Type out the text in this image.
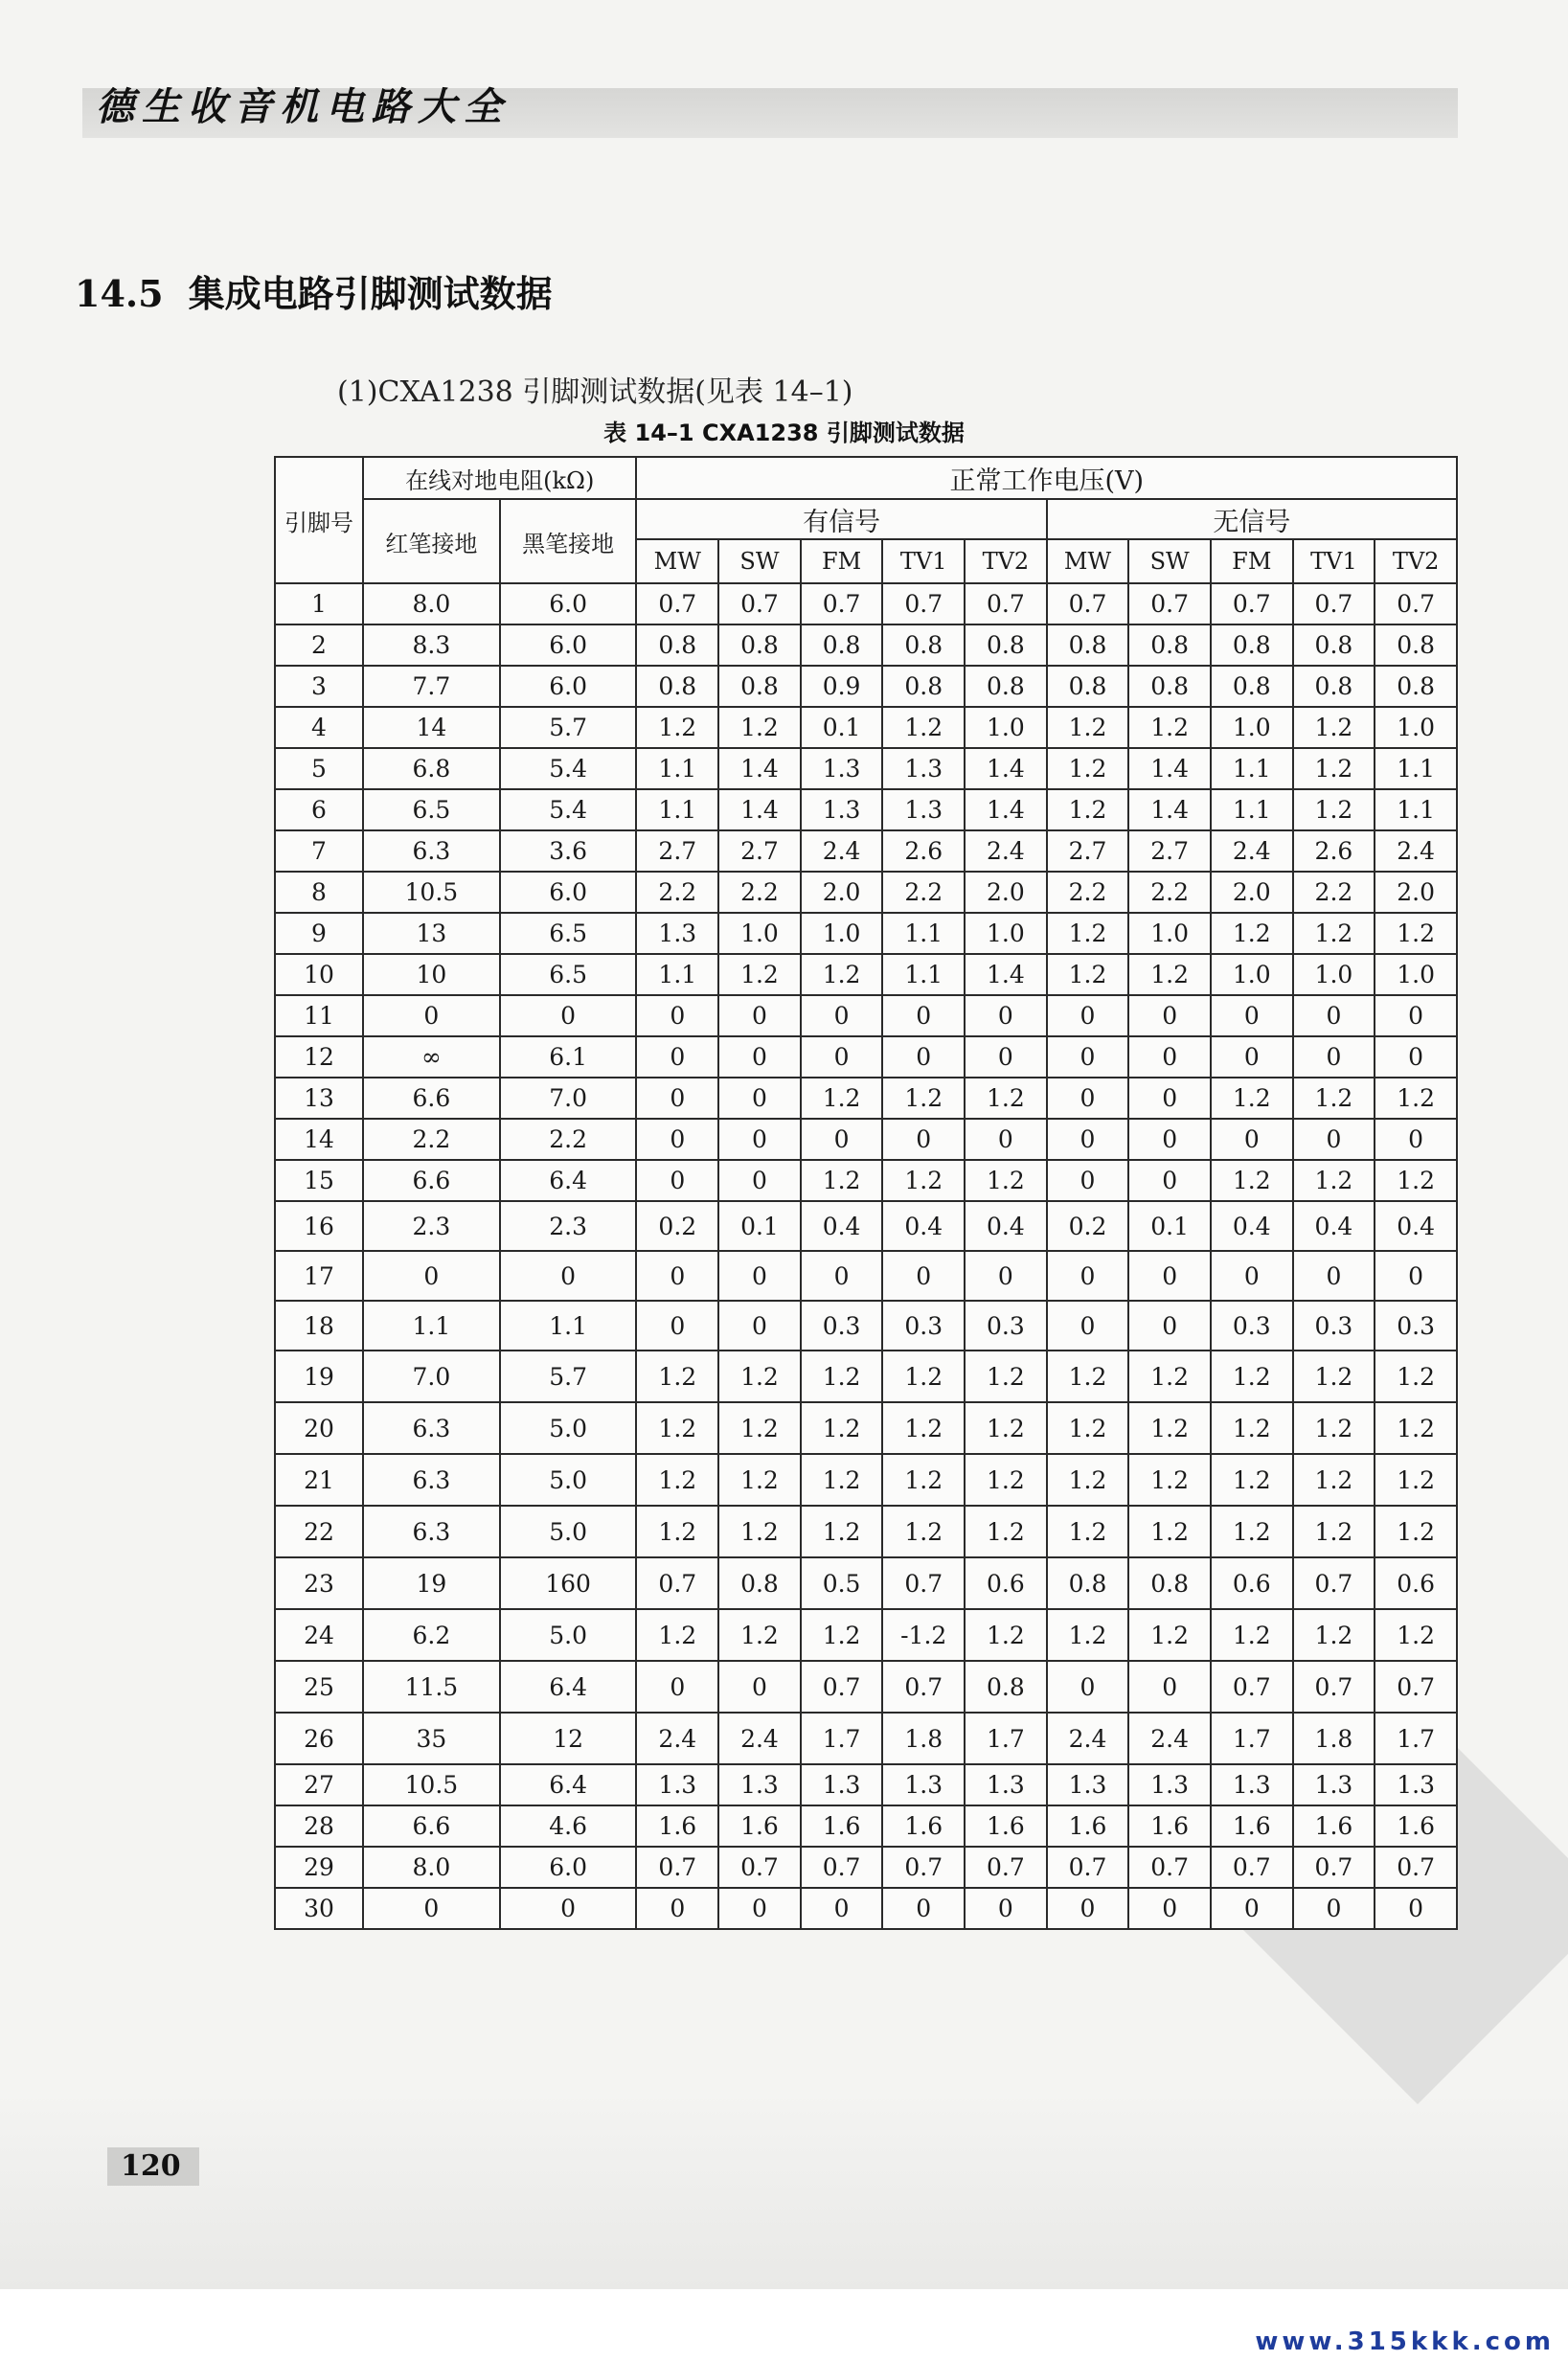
德生收音机电路大全
14.5 集成电路引脚测试数据
(1)CXA1238 引脚测试数据(见表 14–1)
表 14–1 CXA1238 引脚测试数据
引脚号	在线对地电阻(kΩ)		正常工作电压(V)									
	红笔接地	黑笔接地	有信号					无信号				
			MW	SW	FM	TV1	TV2	MW	SW	FM	TV1	TV2
1	8.0	6.0	0.7	0.7	0.7	0.7	0.7	0.7	0.7	0.7	0.7	0.7
2	8.3	6.0	0.8	0.8	0.8	0.8	0.8	0.8	0.8	0.8	0.8	0.8
3	7.7	6.0	0.8	0.8	0.9	0.8	0.8	0.8	0.8	0.8	0.8	0.8
4	14	5.7	1.2	1.2	0.1	1.2	1.0	1.2	1.2	1.0	1.2	1.0
5	6.8	5.4	1.1	1.4	1.3	1.3	1.4	1.2	1.4	1.1	1.2	1.1
6	6.5	5.4	1.1	1.4	1.3	1.3	1.4	1.2	1.4	1.1	1.2	1.1
7	6.3	3.6	2.7	2.7	2.4	2.6	2.4	2.7	2.7	2.4	2.6	2.4
8	10.5	6.0	2.2	2.2	2.0	2.2	2.0	2.2	2.2	2.0	2.2	2.0
9	13	6.5	1.3	1.0	1.0	1.1	1.0	1.2	1.0	1.2	1.2	1.2
10	10	6.5	1.1	1.2	1.2	1.1	1.4	1.2	1.2	1.0	1.0	1.0
11	0	0	0	0	0	0	0	0	0	0	0	0
12	∞	6.1	0	0	0	0	0	0	0	0	0	0
13	6.6	7.0	0	0	1.2	1.2	1.2	0	0	1.2	1.2	1.2
14	2.2	2.2	0	0	0	0	0	0	0	0	0	0
15	6.6	6.4	0	0	1.2	1.2	1.2	0	0	1.2	1.2	1.2
16	2.3	2.3	0.2	0.1	0.4	0.4	0.4	0.2	0.1	0.4	0.4	0.4
17	0	0	0	0	0	0	0	0	0	0	0	0
18	1.1	1.1	0	0	0.3	0.3	0.3	0	0	0.3	0.3	0.3
19	7.0	5.7	1.2	1.2	1.2	1.2	1.2	1.2	1.2	1.2	1.2	1.2
20	6.3	5.0	1.2	1.2	1.2	1.2	1.2	1.2	1.2	1.2	1.2	1.2
21	6.3	5.0	1.2	1.2	1.2	1.2	1.2	1.2	1.2	1.2	1.2	1.2
22	6.3	5.0	1.2	1.2	1.2	1.2	1.2	1.2	1.2	1.2	1.2	1.2
23	19	160	0.7	0.8	0.5	0.7	0.6	0.8	0.8	0.6	0.7	0.6
24	6.2	5.0	1.2	1.2	1.2	-1.2	1.2	1.2	1.2	1.2	1.2	1.2
25	11.5	6.4	0	0	0.7	0.7	0.8	0	0	0.7	0.7	0.7
26	35	12	2.4	2.4	1.7	1.8	1.7	2.4	2.4	1.7	1.8	1.7
27	10.5	6.4	1.3	1.3	1.3	1.3	1.3	1.3	1.3	1.3	1.3	1.3
28	6.6	4.6	1.6	1.6	1.6	1.6	1.6	1.6	1.6	1.6	1.6	1.6
29	8.0	6.0	0.7	0.7	0.7	0.7	0.7	0.7	0.7	0.7	0.7	0.7
30	0	0	0	0	0	0	0	0	0	0	0	0
120
www.315kkk.com
